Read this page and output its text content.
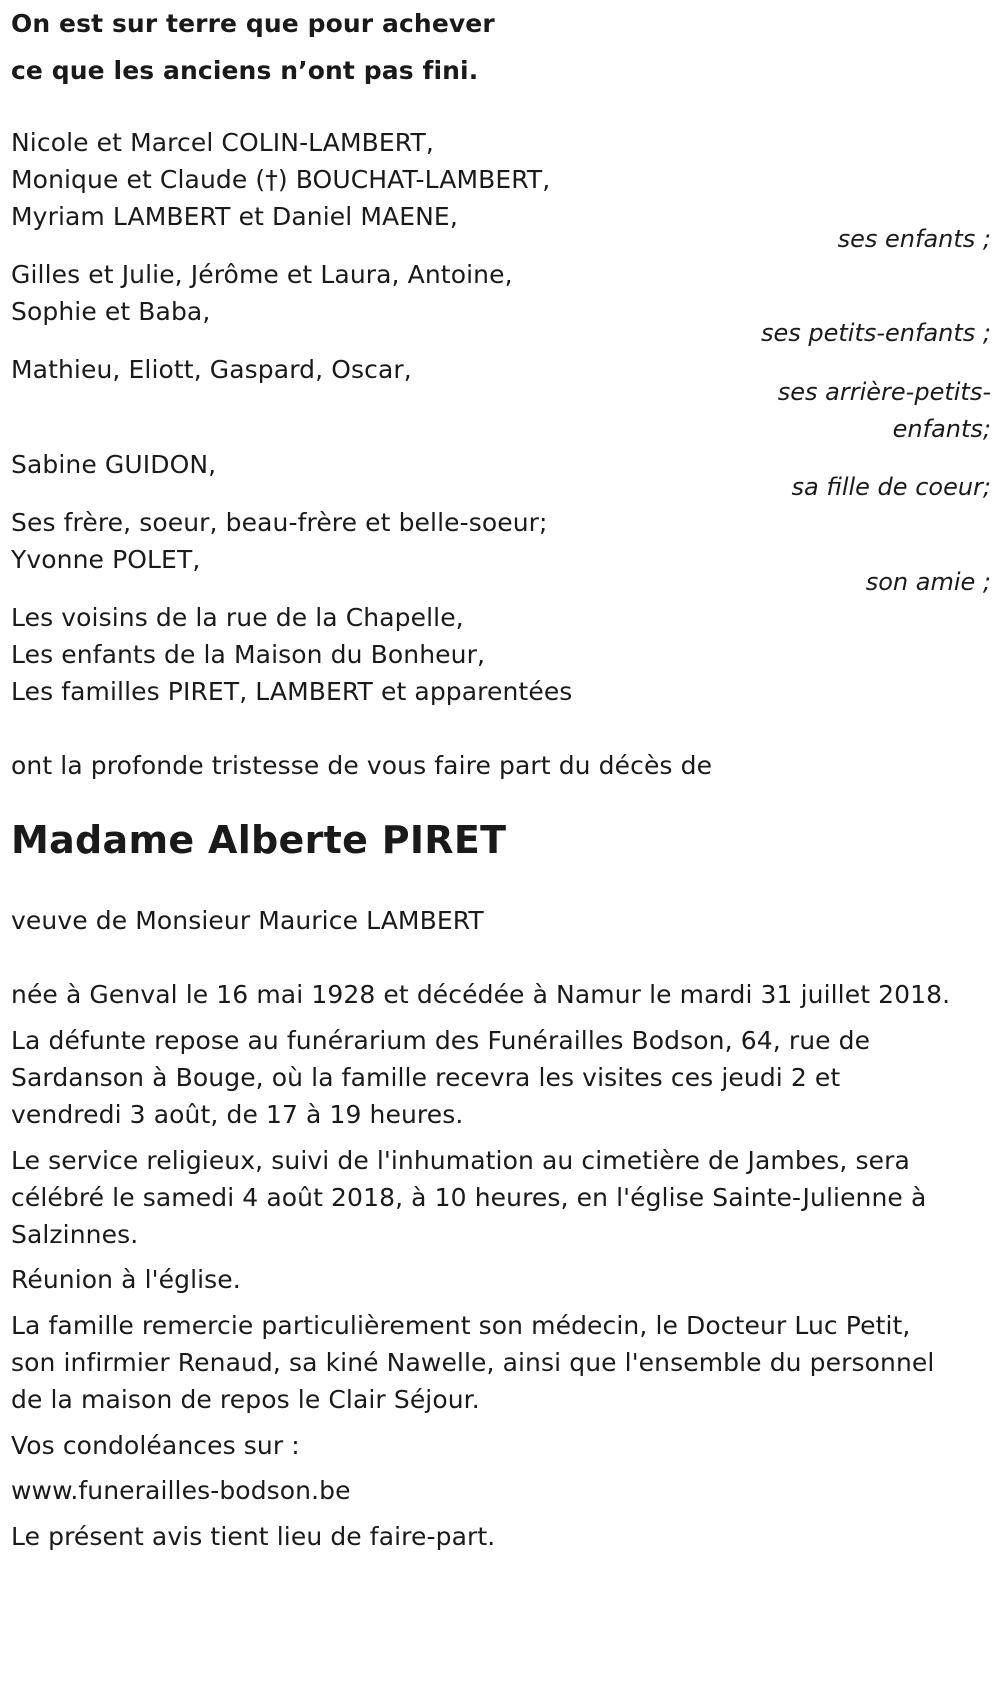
On est sur terre que pour achever
ce que les anciens n’ont pas fini.
Nicole et Marcel COLIN-LAMBERT,
Monique et Claude (†) BOUCHAT-LAMBERT,
Myriam LAMBERT et Daniel MAENE,
ses enfants ;
Gilles et Julie, Jérôme et Laura, Antoine,
Sophie et Baba,
ses petits-enfants ;
Mathieu, Eliott, Gaspard, Oscar,
ses arrière-petits-
enfants;
Sabine GUIDON,
sa fille de coeur;
Ses frère, soeur, beau-frère et belle-soeur;
Yvonne POLET,
son amie ;
Les voisins de la rue de la Chapelle,
Les enfants de la Maison du Bonheur,
Les familles PIRET, LAMBERT et apparentées
ont la profonde tristesse de vous faire part du décès de
Madame Alberte PIRET
veuve de Monsieur Maurice LAMBERT
née à Genval le 16 mai 1928 et décédée à Namur le mardi 31 juillet 2018.
La défunte repose au funérarium des Funérailles Bodson, 64, rue de
Sardanson à Bouge, où la famille recevra les visites ces jeudi 2 et
vendredi 3 août, de 17 à 19 heures.
Le service religieux, suivi de l'inhumation au cimetière de Jambes, sera
célébré le samedi 4 août 2018, à 10 heures, en l'église Sainte-Julienne à
Salzinnes.
Réunion à l'église.
La famille remercie particulièrement son médecin, le Docteur Luc Petit,
son infirmier Renaud, sa kiné Nawelle, ainsi que l'ensemble du personnel
de la maison de repos le Clair Séjour.
Vos condoléances sur :
www.funerailles-bodson.be
Le présent avis tient lieu de faire-part.
